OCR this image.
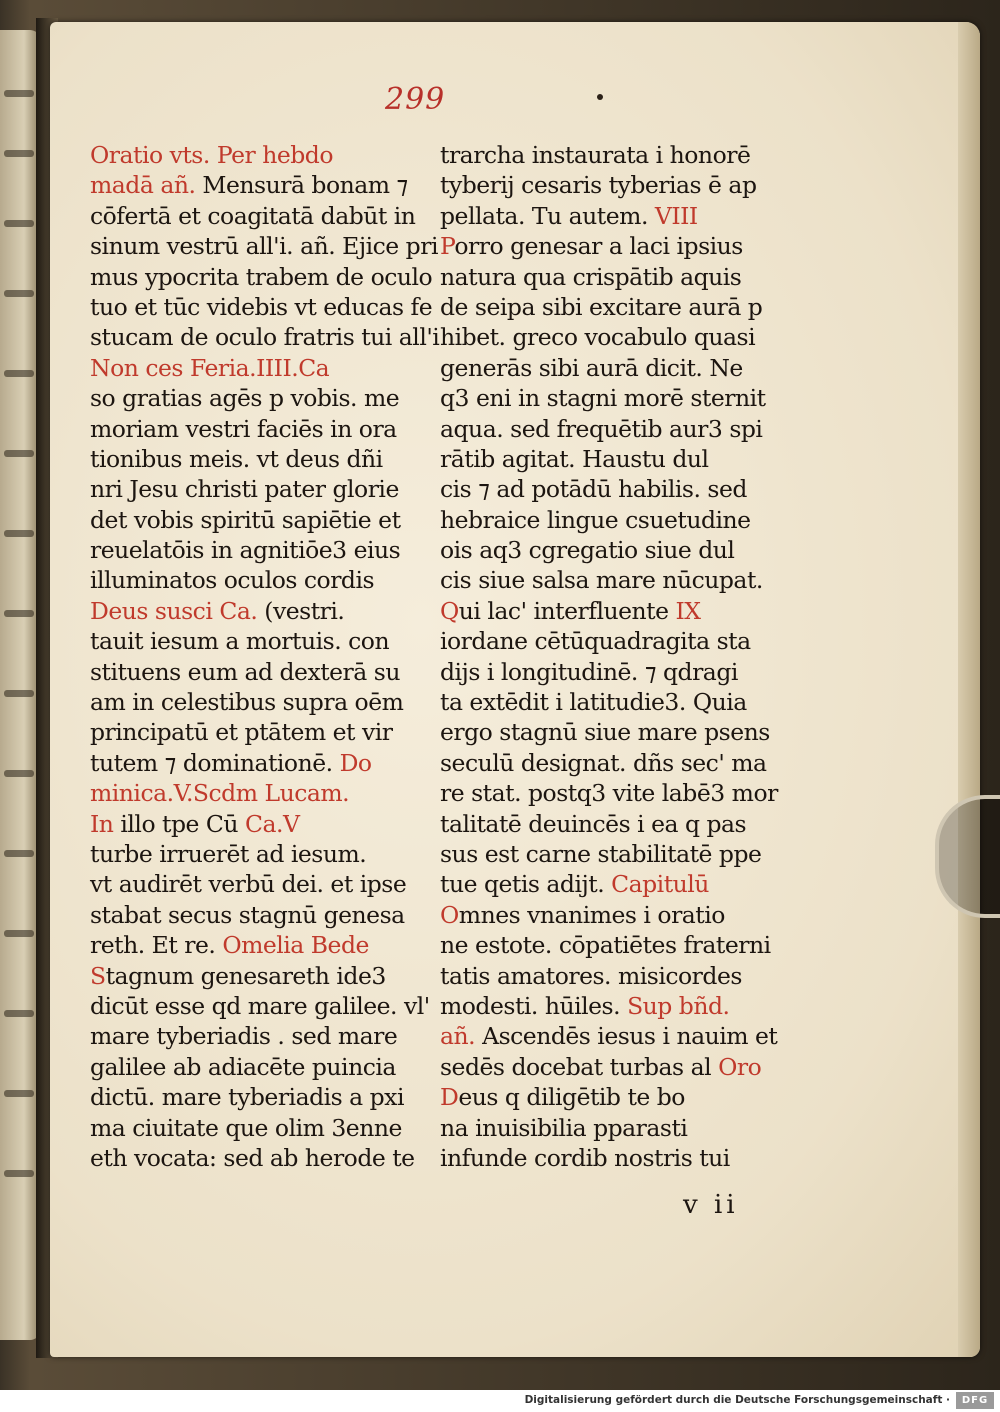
299
Oratio vts. Per hebdo
madā añ. Mensurā bonam ⁊
cōfertā et coagitatā dabūt in
sinum vestrū all'i. añ. Ejice pri
mus ypocrita trabem de oculo
tuo et tūc videbis vt educas fe
stucam de oculo fratris tui all'i
Non ces Feria.IIII.Ca
so gratias agēs p vobis. me
moriam vestri faciēs in ora
tionibus meis. vt deus dñi
nri Jesu christi pater glorie
det vobis spiritū sapiētie et
reuelatōis in agnitiōe3 eius
illuminatos oculos cordis
Deus susci Ca. (vestri.
tauit iesum a mortuis. con
stituens eum ad dexterā su
am in celestibus supra oēm
principatū et ptātem et vir
tutem ⁊ dominationē. Do
minica.V.Scdm Lucam.
In illo tpe Cū Ca.V
turbe irruerēt ad iesum.
vt audirēt verbū dei. et ipse
stabat secus stagnū genesa
reth. Et re. Omelia Bede
Stagnum genesareth ide3
dicūt esse qd mare galilee. vl'
mare tyberiadis . sed mare
galilee ab adiacēte puincia
dictū. mare tyberiadis a pxi
ma ciuitate que olim 3enne
eth vocata: sed ab herode te
trarcha instaurata i honorē
tyberij cesaris tyberias ē ap
pellata. Tu autem. VIII
Porro genesar a laci ipsius
natura qua crispātib aquis
de seipa sibi excitare aurā p
hibet. greco vocabulo quasi
generās sibi aurā dicit. Ne
q3 eni in stagni morē sternit
aqua. sed frequētib aur3 spi
rātib agitat. Haustu dul
cis ⁊ ad potādū habilis. sed
hebraice lingue csuetudine
ois aq3 cgregatio siue dul
cis siue salsa mare nūcupat.
Qui lac' interfluente IX
iordane cētūquadragita sta
dijs i longitudinē. ⁊ qdragi
ta extēdit i latitudie3. Quia
ergo stagnū siue mare psens
seculū designat. dñs sec' ma
re stat. postq3 vite labē3 mor
talitatē deuincēs i ea q pas
sus est carne stabilitatē ppe
tue qetis adijt. Capitulū
Omnes vnanimes i oratio
ne estote. cōpatiētes fraterni
tatis amatores. misicordes
modesti. hūiles. Sup bñd.
añ. Ascendēs iesus i nauim et
sedēs docebat turbas al Oro
Deus q diligētib te bo
na inuisibilia pparasti
infunde cordib nostris tui
v ii
Digitalisierung gefördert durch die Deutsche Forschungsgemeinschaft ·	DFG
